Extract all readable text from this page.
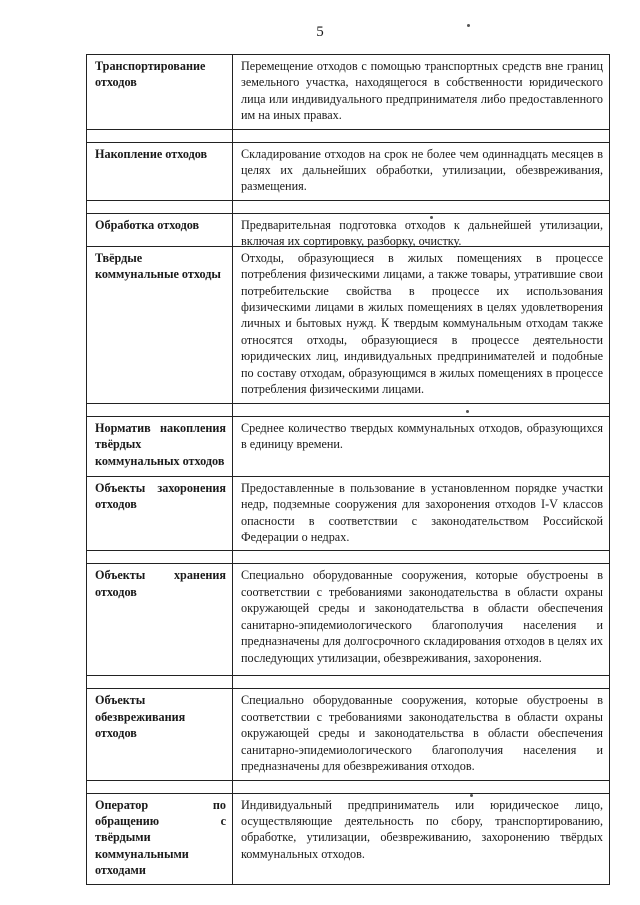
5
Транспортирование отходов	Перемещение отходов с помощью транспортных средств вне границ земельного участка, находящегося в собственности юридического лица или индивидуального предпринимателя либо предоставленного им на иных правах.

Накопление отходов	Складирование отходов на срок не более чем одиннадцать месяцев в целях их дальнейших обработки, утилизации, обезвреживания, размещения.

Обработка отходов	Предварительная подготовка отходов к дальнейшей утилизации, включая их сортировку, разборку, очистку.

Твёрдые коммунальные отходы	Отходы, образующиеся в жилых помещениях в процессе потребления физическими лицами, а также товары, утратившие свои потребительские свойства в процессе их использования физическими лицами в жилых помещениях в целях удовлетворения личных и бытовых нужд. К твердым коммунальным отходам также относятся отходы, образующиеся в процессе деятельности юридических лиц, индивидуальных предпринимателей и подобные по составу отходам, образующимся в жилых помещениях в процессе потребления физическими лицами.

Норматив накопления твёрдых коммунальных отходов	Среднее количество твердых коммунальных отходов, образующихся в единицу времени.
Объекты захоронения отходов	Предоставленные в пользование в установленном порядке участки недр, подземные сооружения для захоронения отходов I-V классов опасности в соответствии с законодательством Российской Федерации о недрах.

Объекты хранения отходов	Специально оборудованные сооружения, которые обустроены в соответствии с требованиями законодательства в области охраны окружающей среды и законодательства в области обеспечения санитарно-эпидемиологического благополучия населения и предназначены для долгосрочного складирования отходов в целях их последующих утилизации, обезвреживания, захоронения.

Объекты обезвреживания отходов	Специально оборудованные сооружения, которые обустроены в соответствии с требованиями законодательства в области охраны окружающей среды и законодательства в области обеспечения санитарно-эпидемиологического благополучия населения и предназначены для обезвреживания отходов.

Оператор по обращению с твёрдыми коммунальными отходами	Индивидуальный предприниматель или юридическое лицо, осуществляющие деятельность по сбору, транспортированию, обработке, утилизации, обезвреживанию, захоронению твёрдых коммунальных отходов.
